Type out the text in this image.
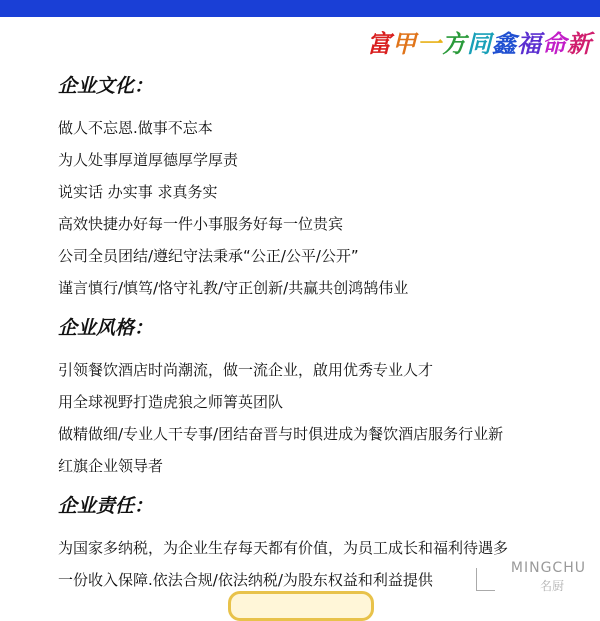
富甲一方同鑫福命新
企业文化：
做人不忘恩.做事不忘本
为人处事厚道厚德厚学厚责
说实话 办实事 求真务实
高效快捷办好每一件小事服务好每一位贵宾
公司全员团结/遵纪守法秉承“公正/公平/公开”
谨言慎行/慎笃/恪守礼教/守正创新/共赢共创鸿鹄伟业
企业风格：
引领餐饮酒店时尚潮流，做一流企业，啟用优秀专业人才
用全球视野打造虎狼之师箐英团队
做精做细/专业人干专事/团结奋晋与时俱进成为餐饮酒店服务行业新
红旗企业领导者
企业责任：
为国家多纳税，为企业生存每天都有价值，为员工成长和福利待遇多
一份收入保障.依法合规/依法纳税/为股东权益和利益提供
MINGCHU
名厨
